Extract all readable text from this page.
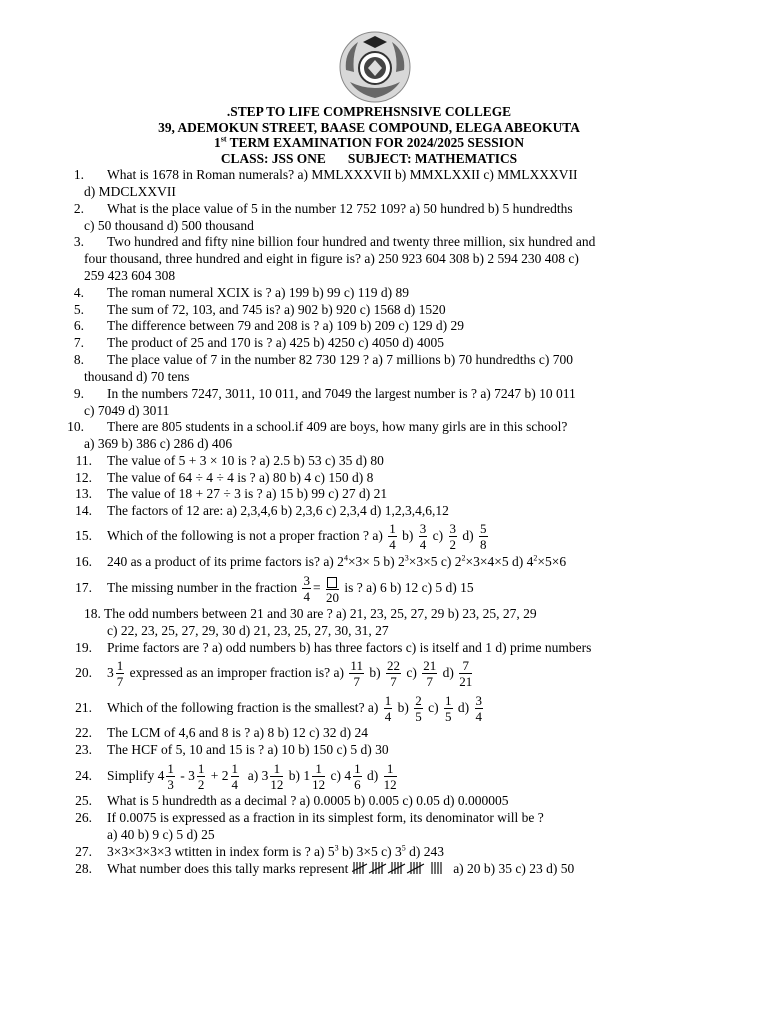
.STEP TO LIFE COMPREHSNSIVE COLLEGE
39, ADEMOKUN STREET, BAASE COMPOUND, ELEGA ABEOKUTA
1st TERM EXAMINATION FOR 2024/2025 SESSION
CLASS: JSS ONE SUBJECT: MATHEMATICS
1. What is 1678 in Roman numerals? a) MMLXXXVII b) MMXLXXII c) MMLXXXVII
d) MDCLXXVII
2. What is the place value of 5 in the number 12 752 109? a) 50 hundred b) 5 hundredths
c) 50 thousand d) 500 thousand
3. Two hundred and fifty nine billion four hundred and twenty three million, six hundred and
four thousand, three hundred and eight in figure is? a) 250 923 604 308 b) 2 594 230 408 c)
259 423 604 308
4. The roman numeral XCIX is ? a) 199 b) 99 c) 119 d) 89
5. The sum of 72, 103, and 745 is? a) 902 b) 920 c) 1568 d) 1520
6. The difference between 79 and 208 is ? a) 109 b) 209 c) 129 d) 29
7. The product of 25 and 170 is ? a) 425 b) 4250 c) 4050 d) 4005
8. The place value of 7 in the number 82 730 129 ? a) 7 millions b) 70 hundredths c) 700
thousand d) 70 tens
9. In the numbers 7247, 3011, 10 011, and 7049 the largest number is ? a) 7247 b) 10 011
c) 7049 d) 3011
10. There are 805 students in a school.if 409 are boys, how many girls are in this school?
a) 369 b) 386 c) 286 d) 406
11. The value of 5 + 3 × 10 is ? a) 2.5 b) 53 c) 35 d) 80
12. The value of 64 ÷ 4 ÷ 4 is ? a) 80 b) 4 c) 150 d) 8
13. The value of 18 + 27 ÷ 3 is ? a) 15 b) 99 c) 27 d) 21
14. The factors of 12 are: a) 2,3,4,6 b) 2,3,6 c) 2,3,4 d) 1,2,3,4,6,12
15. Which of the following is not a proper fraction ? $a) \frac{1}{4} b) \frac{3}{4} c) \frac{3}{2} d) \frac{5}{8}$
16. 240 as a product of its prime factors is? a) $2^4\times 3\times 5$ b) $2^3\times 3\times 5$ c) $2^2\times 3\times 4\times 5$ d) $4^2\times 5\times 6$
17. The missing number in the fraction $\frac{3}{4}$ =
20
is ? a) 6 b) 12 c) 5 d) 15
18. The odd numbers between 21 and 30 are ? a) 21, 23, 25, 27, 29 b) 23, 25, 27, 29
c) 22, 23, 25, 27, 29, 30 d) 21, 23, 25, 27, 30, 31, 27
19. Prime factors are ? a) odd numbers b) has three factors c) is itself and 1 d) prime numbers
20. $3 \frac{1}{7}$ expressed as an improper fraction is? $a) \frac{11}{7} b) \frac{22}{7} c) \frac{21}{7} d) \frac{7}{21}$
21. Which of the following fraction is the smallest? $a) \frac{1}{4} b) \frac{2}{5} c) \frac{1}{5} d) \frac{3}{4}$
22. The LCM of 4,6 and 8 is ? a) 8 b) 12 c) 32 d) 24
23. The HCF of 5, 10 and 15 is ? a) 10 b) 150 c) 5 d) 30
24. Simplify $4 \frac{1}{3} - 3 \frac{1}{2} + 2 \frac{1}{4} a$) $3 \frac{1}{12} b$) $1 \frac{1}{12} c$) $4 \frac{1}{6} d) \frac{1}{12}$
25. What is 5 hundredth as a decimal ? a) 0.0005 b) 0.005 c) 0.05 d) 0.000005
26. If 0.0075 is expressed as a fraction in its simplest form, its denominator will be ?
a) 40 b) 9 c) 5 d) 25
27. 3×3×3×3×3 wtitten in index form is ? a) $5^3$ b) 3×5 c) $3^5$ d) 243
28. What number does this tally marks represent	a) 20 b) 35 c) 23 d) 50
